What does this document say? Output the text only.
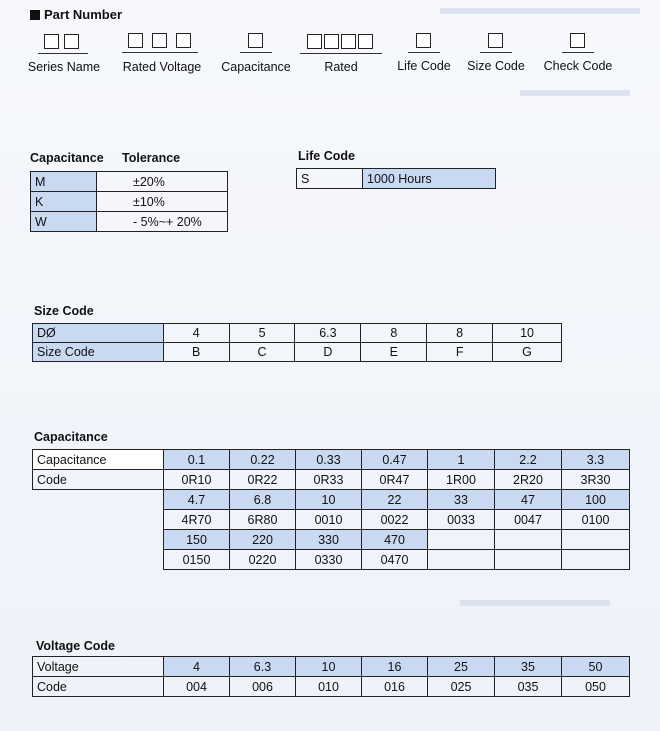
Part Number
Series Name	Rated Voltage	Capacitance	Rated	Life Code	Size Code Check Code
Capacitance Tolerance
M	±20%
K	±10%
W	- 5%~+ 20%
Life Code
S	1000 Hours
Size Code
DØ	4	5	6.3	8	8	10
Size Code	B	C	D	E	F	G
Capacitance
Capacitance	0.1	0.22	0.33	0.47	1	2.2	3.3
Code	0R10	0R22	0R33	0R47	1R00	2R20	3R30
	4.7	6.8	10	22	33	47	100
	4R70	6R80	0010	0022	0033	0047	0100
	150	220	330	470			
	0150	0220	0330	0470			
Voltage Code
Voltage	4	6.3	10	16	25	35	50
Code	004	006	010	016	025	035	050
